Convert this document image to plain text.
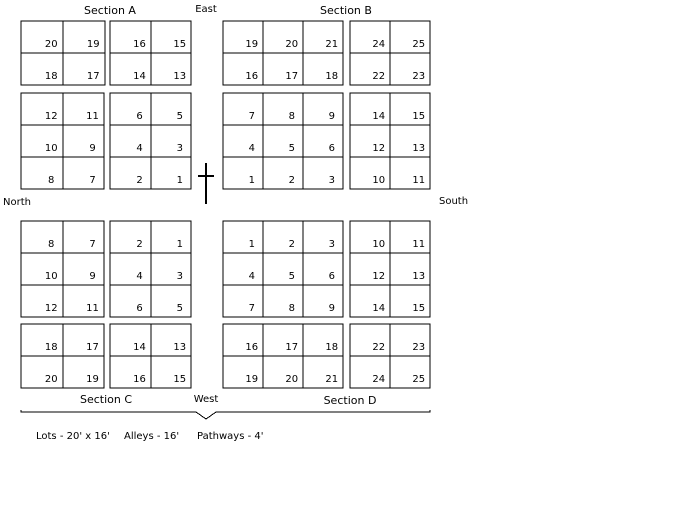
Section A	Section B
Section C	Section D
East
West
North	South
20	19
18	17
16	15
14	13
12	11
10	9
8	7
6	5
4	3
2	1
19	20	21
16	17	18
24	25
22	23
7	8	9
4	5	6
1	2	3
14	15
12	13
10	11
8	7
10	9
12	11
2	1
4	3
6	5
18	17
20	19
14	13
16	15
1	2	3
4	5	6
7	8	9
10	11
12	13
14	15
16	17	18
19	20	21
22	23
24	25
Lots - 20' x 16' Alleys - 16' Pathways - 4'
